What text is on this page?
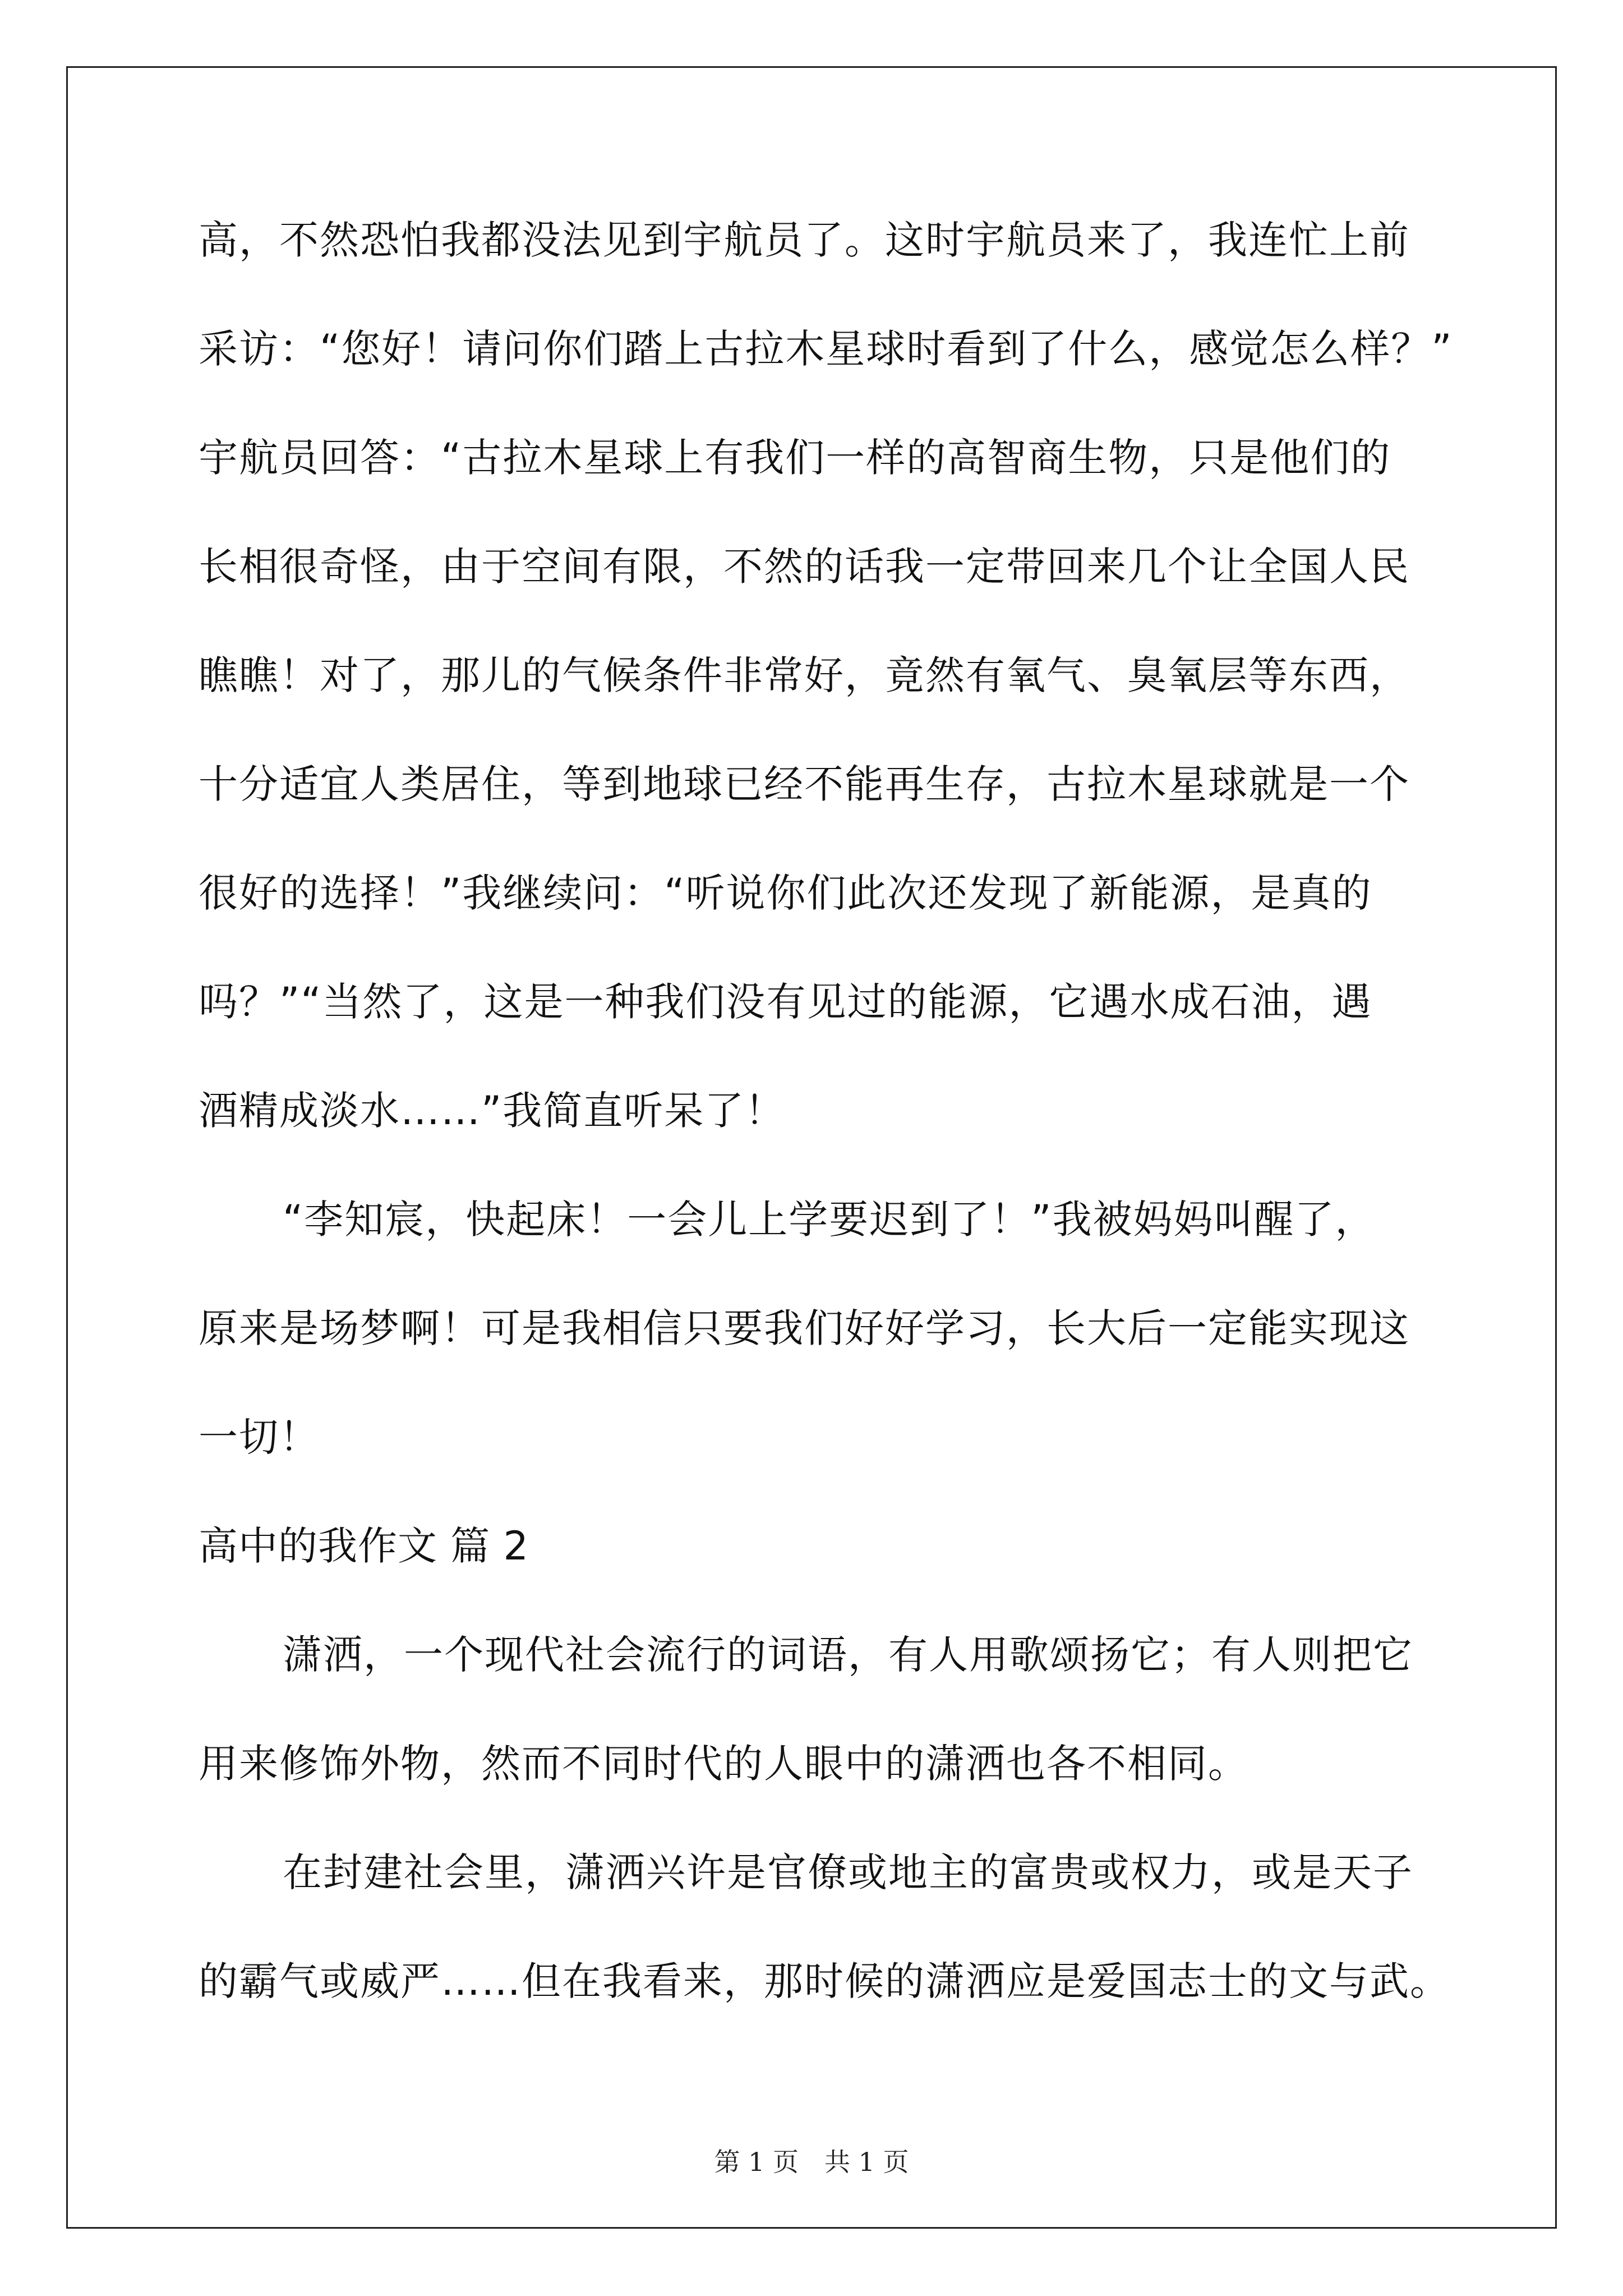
高，不然恐怕我都没法见到宇航员了。这时宇航员来了，我连忙上前

采访：“您好！请问你们踏上古拉木星球时看到了什么，感觉怎么样？”

宇航员回答：“古拉木星球上有我们一样的高智商生物，只是他们的

长相很奇怪，由于空间有限，不然的话我一定带回来几个让全国人民

瞧瞧！对了，那儿的气候条件非常好，竟然有氧气、臭氧层等东西，

十分适宜人类居住，等到地球已经不能再生存，古拉木星球就是一个

很好的选择！”我继续问：“听说你们此次还发现了新能源，是真的

吗？”“当然了，这是一种我们没有见过的能源，它遇水成石油，遇

酒精成淡水……”我简直听呆了！

“李知宸，快起床！一会儿上学要迟到了！”我被妈妈叫醒了，

原来是场梦啊！可是我相信只要我们好好学习，长大后一定能实现这

一切！

高中的我作文 篇 2

潇洒，一个现代社会流行的词语，有人用歌颂扬它；有人则把它

用来修饰外物，然而不同时代的人眼中的潇洒也各不相同。

在封建社会里，潇洒兴许是官僚或地主的富贵或权力，或是天子

的霸气或威严……但在我看来，那时候的潇洒应是爱国志士的文与武。

第 1 页　共 1 页
